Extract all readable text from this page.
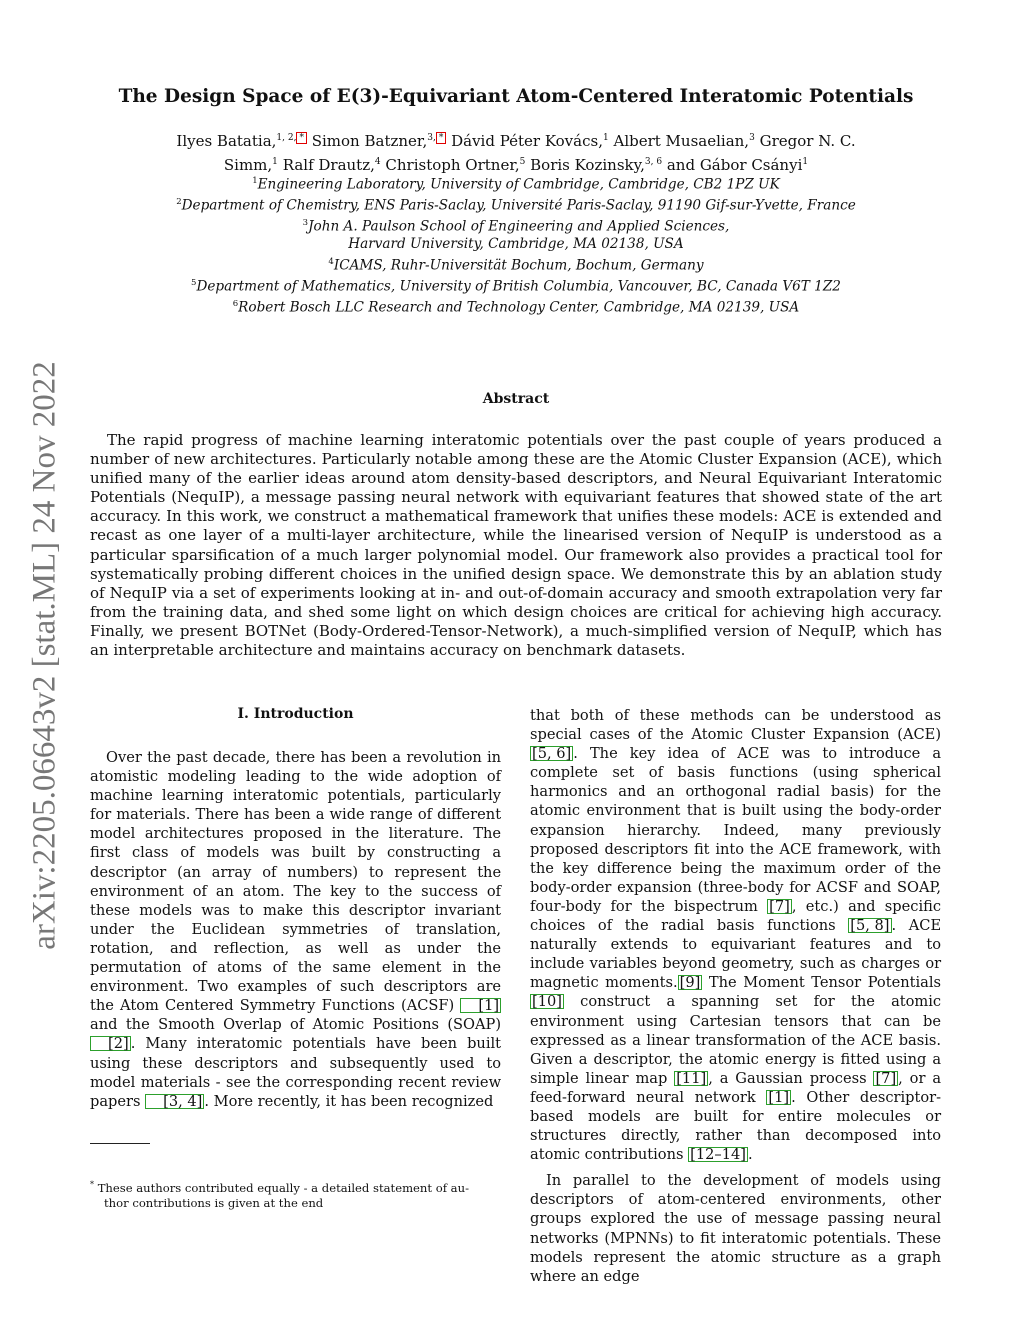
arXiv:2205.06643v2 [stat.ML] 24 Nov 2022
The Design Space of E(3)-Equivariant Atom-Centered Interatomic Potentials
Ilyes Batatia,$^{1, 2,}$ * Simon Batzner,$^{3,}$ * Dávid Péter Kovács,$^1$ Albert Musaelian,$^3$ Gregor N. C. Simm,$^1$ Ralf Drautz,$^4$ Christoph Ortner,$^5$ Boris Kozinsky,$^{3, 6}$ and Gábor Csányi$^1$
$^1$Engineering Laboratory, University of Cambridge, Cambridge, CB2 1PZ UK
$^2$Department of Chemistry, ENS Paris-Saclay, Université Paris-Saclay, 91190 Gif-sur-Yvette, France
$^3$John A. Paulson School of Engineering and Applied Sciences,
Harvard University, Cambridge, MA 02138, USA
$^4$ICAMS, Ruhr-Universität Bochum, Bochum, Germany
$^5$Department of Mathematics, University of British Columbia, Vancouver, BC, Canada V6T 1Z2
$^6$Robert Bosch LLC Research and Technology Center, Cambridge, MA 02139, USA
Abstract

The rapid progress of machine learning interatomic potentials over the past couple of years produced a number of new architectures. Particularly notable among these are the Atomic Cluster Expansion (ACE), which unified many of the earlier ideas around atom density-based descriptors, and Neural Equivariant Interatomic Potentials (NequIP), a message passing neural network with equivariant features that showed state of the art accuracy. In this work, we construct a mathematical framework that unifies these models: ACE is extended and recast as one layer of a multi-layer architecture, while the linearised version of NequIP is understood as a particular sparsification of a much larger polynomial model. Our framework also provides a practical tool for systematically probing different choices in the unified design space. We demonstrate this by an ablation study of NequIP via a set of experiments looking at in- and out-of-domain accuracy and smooth extrapolation very far from the training data, and shed some light on which design choices are critical for achieving high accuracy. Finally, we present BOTNet (Body-Ordered-Tensor-Network), a much-simplified version of NequIP, which has an interpretable architecture and maintains accuracy on benchmark datasets.

I. Introduction

Over the past decade, there has been a revolution in atomistic modeling leading to the wide adoption of machine learning interatomic potentials, particularly for materials. There has been a wide range of different model architectures proposed in the literature. The first class of models was built by constructing a descriptor (an array of numbers) to represent the environment of an atom. The key to the success of these models was to make this descriptor invariant under the Euclidean symmetries of translation, rotation, and reflection, as well as under the permutation of atoms of the same element in the environment. Two examples of such descriptors are the Atom Centered Symmetry Functions (ACSF) [1] and the Smooth Overlap of Atomic Positions (SOAP) [2] . Many interatomic potentials have been built using these descriptors and subsequently used to model materials - see the corresponding recent review papers [3, 4] . More recently, it has been recognized

that both of these methods can be understood as special cases of the Atomic Cluster Expansion (ACE) [5, 6] . The key idea of ACE was to introduce a complete set of basis functions (using spherical harmonics and an orthogonal radial basis) for the atomic environment that is built using the body-order expansion hierarchy. Indeed, many previously proposed descriptors fit into the ACE framework, with the key difference being the maximum order of the body-order expansion (three-body for ACSF and SOAP, four-body for the bispectrum [7] , etc.) and specific choices of the radial basis functions [5, 8] . ACE naturally extends to equivariant features and to include variables beyond geometry, such as charges or magnetic moments. [9] The Moment Tensor Potentials [10] construct a spanning set for the atomic environment using Cartesian tensors that can be expressed as a linear transformation of the ACE basis. Given a descriptor, the atomic energy is fitted using a simple linear map [11] , a Gaussian process [7] , or a feed-forward neural network [1] . Other descriptor-based models are built for entire molecules or structures directly, rather than decomposed into atomic contributions [12–14] .

In parallel to the development of models using descriptors of atom-centered environments, other groups explored the use of message passing neural networks (MPNNs) to fit interatomic potentials. These models represent the atomic structure as a graph where an edge

* These authors contributed equally - a detailed statement of au-
thor contributions is given at the end
